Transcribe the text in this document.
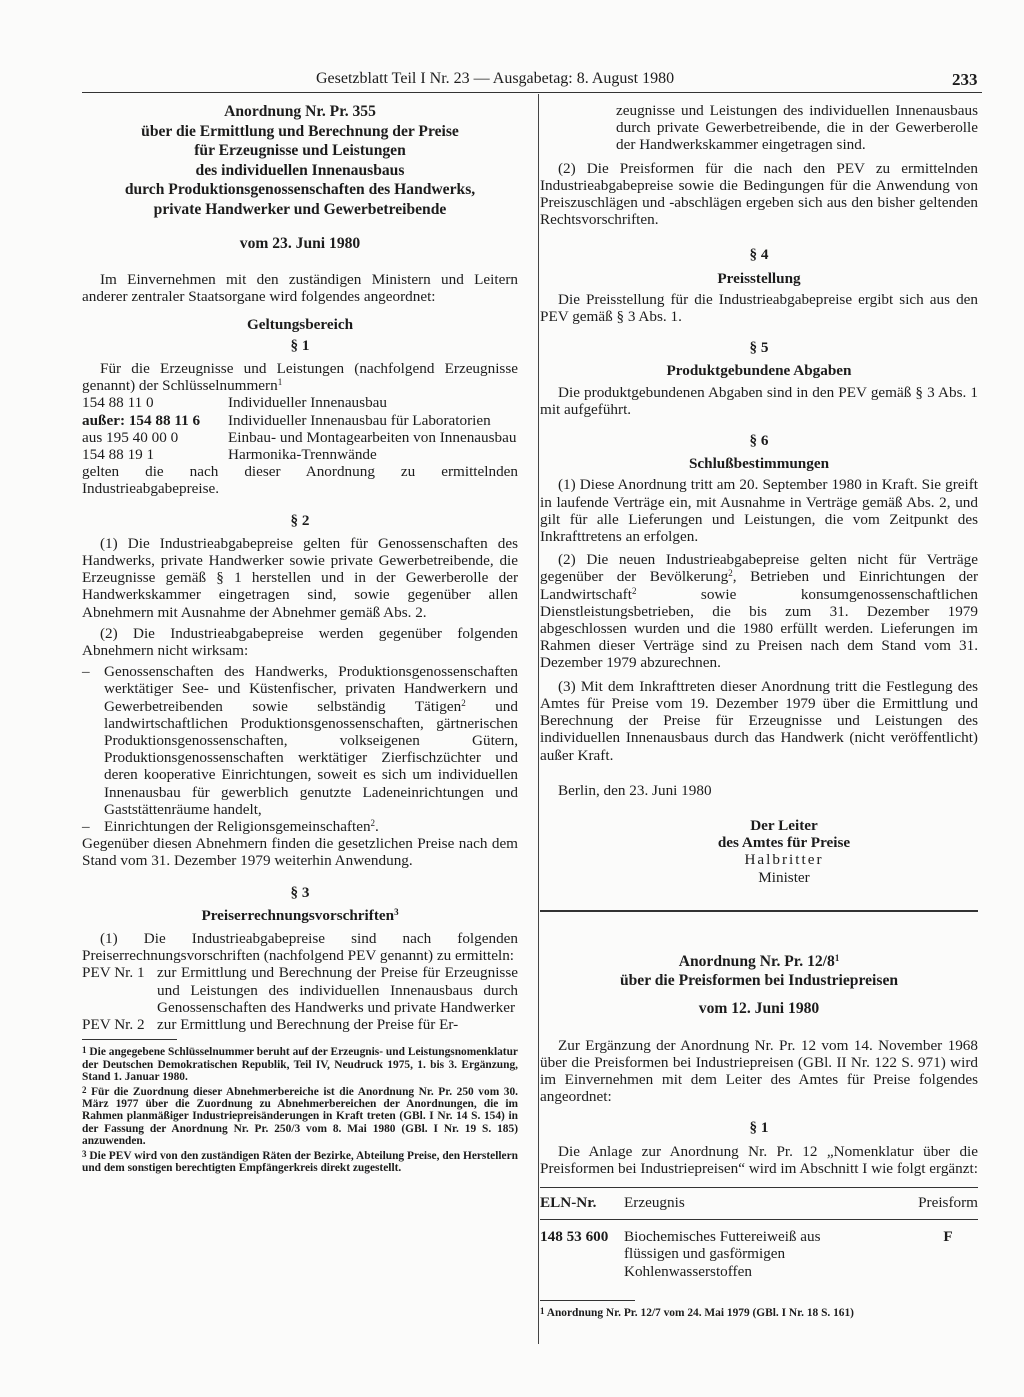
Gesetzblatt Teil I Nr. 23 — Ausgabetag: 8. August 1980	233
Anordnung Nr. Pr. 355
über die Ermittlung und Berechnung der Preise
für Erzeugnisse und Leistungen
des individuellen Innenausbaus
durch Produktionsgenossenschaften des Handwerks,
private Handwerker und Gewerbetreibende
vom 23. Juni 1980

Im Einvernehmen mit den zuständigen Ministern und Leitern anderer zentraler Staatsorgane wird folgendes angeordnet:

Geltungsbereich
§ 1

Für die Erzeugnisse und Leistungen (nachfolgend Erzeugnisse genannt) der Schlüsselnummern$^1$

154 88 11 0	Individueller Innenausbau
außer: 154 88 11 6	Individueller Innenausbau für Laboratorien
aus 195 40 00 0	Einbau- und Montagearbeiten von Innenausbau
154 88 19 1	Harmonika-Trennwände

gelten die nach dieser Anordnung zu ermittelnden Industrieabgabepreise.

§ 2

(1) Die Industrieabgabepreise gelten für Genossenschaften des Handwerks, private Handwerker sowie private Gewerbetreibende, die Erzeugnisse gemäß § 1 herstellen und in der Gewerberolle der Handwerkskammer eingetragen sind, sowie gegenüber allen Abnehmern mit Ausnahme der Abnehmer gemäß Abs. 2.

(2) Die Industrieabgabepreise werden gegenüber folgenden Abnehmern nicht wirksam:

– Genossenschaften des Handwerks, Produktionsgenossenschaften werktätiger See- und Küstenfischer, privaten Handwerkern und Gewerbetreibenden sowie selbständig Tätigen$^2$ und landwirtschaftlichen Produktionsgenossenschaften, gärtnerischen Produktionsgenossenschaften, volkseigenen Gütern, Produktionsgenossenschaften werktätiger Zierfischzüchter und deren kooperative Einrichtungen, soweit es sich um individuellen Innenausbau für gewerblich genutzte Ladeneinrichtungen und Gaststättenräume handelt,
– Einrichtungen der Religionsgemeinschaften$^2$.

Gegenüber diesen Abnehmern finden die gesetzlichen Preise nach dem Stand vom 31. Dezember 1979 weiterhin Anwendung.

§ 3
Preiserrechnungsvorschriften$^3$

(1) Die Industrieabgabepreise sind nach folgenden Preiserrechnungsvorschriften (nachfolgend PEV genannt) zu ermitteln:

PEV Nr. 1 zur Ermittlung und Berechnung der Preise für Erzeugnisse und Leistungen des individuellen Innenausbaus durch Genossenschaften des Handwerks und private Handwerker
PEV Nr. 2 zur Ermittlung und Berechnung der Preise für Er-
1 Die angegebene Schlüsselnummer beruht auf der Erzeugnis- und Leistungsnomenklatur der Deutschen Demokratischen Republik, Teil IV, Neudruck 1975, 1. bis 3. Ergänzung, Stand 1. Januar 1980.
2 Für die Zuordnung dieser Abnehmerbereiche ist die Anordnung Nr. Pr. 250 vom 30. März 1977 über die Zuordnung zu Abnehmerbereichen der Anordnungen, die im Rahmen planmäßiger Industriepreisänderungen in Kraft treten (GBl. I Nr. 14 S. 154) in der Fassung der Anordnung Nr. Pr. 250/3 vom 8. Mai 1980 (GBl. I Nr. 19 S. 185) anzuwenden.
3 Die PEV wird von den zuständigen Räten der Bezirke, Abteilung Preise, den Herstellern und dem sonstigen berechtigten Empfängerkreis direkt zugestellt.

zeugnisse und Leistungen des individuellen Innenausbaus durch private Gewerbetreibende, die in der Gewerberolle der Handwerkskammer eingetragen sind.

(2) Die Preisformen für die nach den PEV zu ermittelnden Industrieabgabepreise sowie die Bedingungen für die Anwendung von Preiszuschlägen und -abschlägen ergeben sich aus den bisher geltenden Rechtsvorschriften.

§ 4
Preisstellung

Die Preisstellung für die Industrieabgabepreise ergibt sich aus den PEV gemäß § 3 Abs. 1.

§ 5
Produktgebundene Abgaben

Die produktgebundenen Abgaben sind in den PEV gemäß § 3 Abs. 1 mit aufgeführt.

§ 6
Schlußbestimmungen

(1) Diese Anordnung tritt am 20. September 1980 in Kraft. Sie greift in laufende Verträge ein, mit Ausnahme in Verträge gemäß Abs. 2, und gilt für alle Lieferungen und Leistungen, die vom Zeitpunkt des Inkrafttretens an erfolgen.

(2) Die neuen Industrieabgabepreise gelten nicht für Verträge gegenüber der Bevölkerung$^2$, Betrieben und Einrichtungen der Landwirtschaft$^2$ sowie konsumgenossenschaftlichen Dienstleistungsbetrieben, die bis zum 31. Dezember 1979 abgeschlossen wurden und die 1980 erfüllt werden. Lieferungen im Rahmen dieser Verträge sind zu Preisen nach dem Stand vom 31. Dezember 1979 abzurechnen.

(3) Mit dem Inkrafttreten dieser Anordnung tritt die Festlegung des Amtes für Preise vom 19. Dezember 1979 über die Ermittlung und Berechnung der Preise für Erzeugnisse und Leistungen des individuellen Innenausbaus durch das Handwerk (nicht veröffentlicht) außer Kraft.

Berlin, den 23. Juni 1980

Der Leiter
des Amtes für Preise
Halbritter
Minister
Anordnung Nr. Pr. $12/8^1$
über die Preisformen bei Industriepreisen
vom 12. Juni 1980

Zur Ergänzung der Anordnung Nr. Pr. 12 vom 14. November 1968 über die Preisformen bei Industriepreisen (GBl. II Nr. 122 S. 971) wird im Einvernehmen mit dem Leiter des Amtes für Preise folgendes angeordnet:

§ 1

Die Anlage zur Anordnung Nr. Pr. 12 „Nomenklatur über die Preisformen bei Industriepreisen“ wird im Abschnitt I wie folgt ergänzt:

ELN-Nr.	Erzeugnis	Preisform

148 53 600	Biochemisches Futtereiweiß aus flüssigen und gasförmigen Kohlenwasserstoffen	F
1 Anordnung Nr. Pr. 12/7 vom 24. Mai 1979 (GBl. I Nr. 18 S. 161)
